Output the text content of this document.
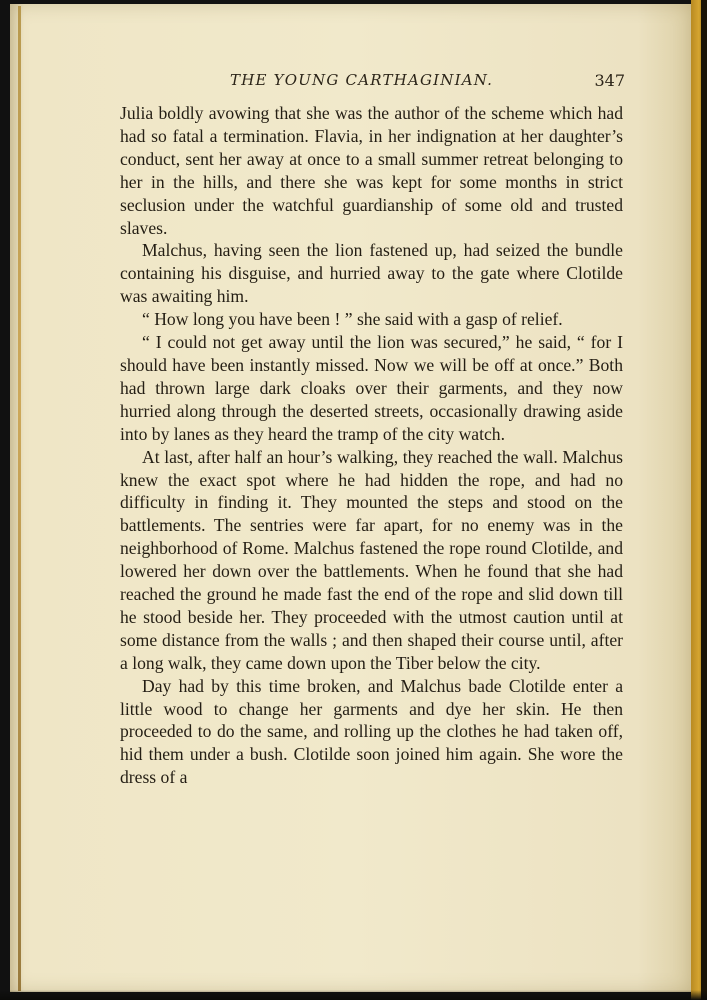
THE YOUNG CARTHAGINIAN.	347

Julia boldly avowing that she was the author of the scheme which had had so fatal a termination. Flavia, in her indignation at her daughter’s conduct, sent her away at once to a small summer retreat belonging to her in the hills, and there she was kept for some months in strict seclusion under the watchful guardianship of some old and trusted slaves.

Malchus, having seen the lion fastened up, had seized the bundle containing his disguise, and hurried away to the gate where Clotilde was awaiting him.

“ How long you have been ! ” she said with a gasp of relief.

“ I could not get away until the lion was secured,” he said, “ for I should have been instantly missed. Now we will be off at once.” Both had thrown large dark cloaks over their garments, and they now hurried along through the deserted streets, occasionally drawing aside into by lanes as they heard the tramp of the city watch.

At last, after half an hour’s walking, they reached the wall. Malchus knew the exact spot where he had hidden the rope, and had no difficulty in finding it. They mounted the steps and stood on the battlements. The sentries were far apart, for no enemy was in the neighborhood of Rome. Malchus fastened the rope round Clotilde, and lowered her down over the battlements. When he found that she had reached the ground he made fast the end of the rope and slid down till he stood beside her. They proceeded with the utmost caution until at some distance from the walls ; and then shaped their course until, after a long walk, they came down upon the Tiber below the city.

Day had by this time broken, and Malchus bade Clotilde enter a little wood to change her garments and dye her skin. He then proceeded to do the same, and rolling up the clothes he had taken off, hid them under a bush. Clotilde soon joined him again. She wore the dress of a
